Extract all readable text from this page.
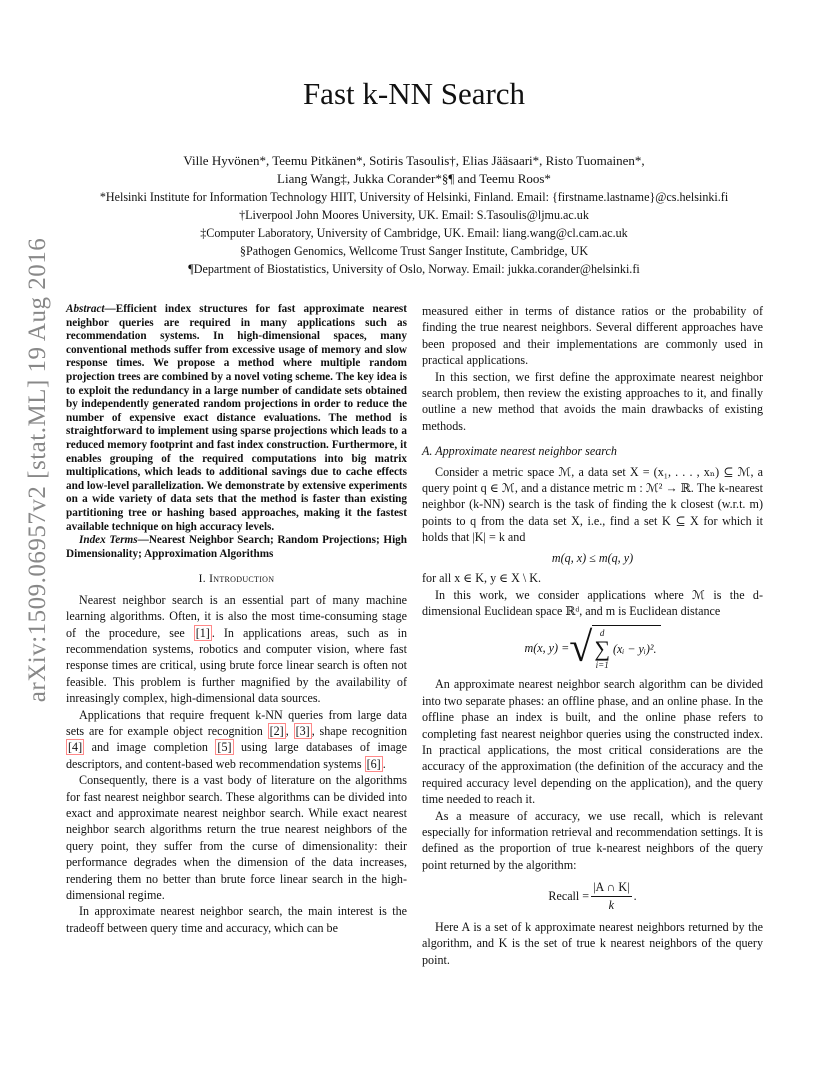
Fast k-NN Search
Ville Hyvönen*, Teemu Pitkänen*, Sotiris Tasoulis†, Elias Jääsaari*, Risto Tuomainen*,
Liang Wang‡, Jukka Corander*§¶ and Teemu Roos*
*Helsinki Institute for Information Technology HIIT, University of Helsinki, Finland. Email: {firstname.lastname}@cs.helsinki.fi
†Liverpool John Moores University, UK. Email: S.Tasoulis@ljmu.ac.uk
‡Computer Laboratory, University of Cambridge, UK. Email: liang.wang@cl.cam.ac.uk
§Pathogen Genomics, Wellcome Trust Sanger Institute, Cambridge, UK
¶Department of Biostatistics, University of Oslo, Norway. Email: jukka.corander@helsinki.fi
arXiv:1509.06957v2 [stat.ML] 19 Aug 2016 Abstract—Efficient index structures for fast approximate nearest neighbor queries are required in many applications such as recommendation systems. In high-dimensional spaces, many conventional methods suffer from excessive usage of memory and slow response times. We propose a method where multiple random projection trees are combined by a novel voting scheme. The key idea is to exploit the redundancy in a large number of candidate sets obtained by independently generated random projections in order to reduce the number of expensive exact distance evaluations. The method is straightforward to implement using sparse projections which leads to a reduced memory footprint and fast index construction. Furthermore, it enables grouping of the required computations into big matrix multiplications, which leads to additional savings due to cache effects and low-level parallelization. We demonstrate by extensive experiments on a wide variety of data sets that the method is faster than existing partitioning tree or hashing based approaches, making it the fastest available technique on high accuracy levels.

Index Terms—Nearest Neighbor Search; Random Projections; High Dimensionality; Approximation Algorithms

I. Introduction

Nearest neighbor search is an essential part of many machine learning algorithms. Often, it is also the most time-consuming stage of the procedure, see [1] . In applications areas, such as in recommendation systems, robotics and computer vision, where fast response times are critical, using brute force linear search is often not feasible. This problem is further magnified by the availability of inreasingly complex, high-dimensional data sources.

Applications that require frequent k-NN queries from large data sets are for example object recognition [2] , [3] , shape recognition [4] and image completion [5] using large databases of image descriptors, and content-based web recommendation systems [6] .

Consequently, there is a vast body of literature on the algorithms for fast nearest neighbor search. These algorithms can be divided into exact and approximate nearest neighbor search. While exact nearest neighbor search algorithms return the true nearest neighbors of the query point, they suffer from the curse of dimensionality: their performance degrades when the dimension of the data increases, rendering them no better than brute force linear search in the high-dimensional regime.

In approximate nearest neighbor search, the main interest is the tradeoff between query time and accuracy, which can be

measured either in terms of distance ratios or the probability of finding the true nearest neighbors. Several different approaches have been proposed and their implementations are commonly used in practical applications.

In this section, we first define the approximate nearest neighbor search problem, then review the existing approaches to it, and finally outline a new method that avoids the main drawbacks of existing methods.

A. Approximate nearest neighbor search

Consider a metric space ℳ, a data set X = (x₁, . . . , xₙ) ⊆ ℳ, a query point q ∈ ℳ, and a distance metric m : ℳ² → ℝ. The k-nearest neighbor (k-NN) search is the task of finding the k closest (w.r.t. m) points to q from the data set X, i.e., find a set K ⊆ X for which it holds that |K| = k and

m(q, x) ≤ m(q, y)

for all x ∈ K, y ∈ X \ K.

In this work, we consider applications where ℳ is the d-dimensional Euclidean space ℝᵈ, and m is Euclidean distance

m(x, y) = √ d
∑
i=1
(xᵢ − yᵢ)².

An approximate nearest neighbor search algorithm can be divided into two separate phases: an offline phase, and an online phase. In the offline phase an index is built, and the online phase refers to completing fast nearest neighbor queries using the constructed index. In practical applications, the most critical considerations are the accuracy of the approximation (the definition of the accuracy and the required accuracy level depending on the application), and the query time needed to reach it.

As a measure of accuracy, we use recall, which is relevant especially for information retrieval and recommendation settings. It is defined as the proportion of true k-nearest neighbors of the query point returned by the algorithm:

Recall = $\frac{|A \cap K|}{k}$ .

Here A is a set of k approximate nearest neighbors returned by the algorithm, and K is the set of true k nearest neighbors of the query point.
